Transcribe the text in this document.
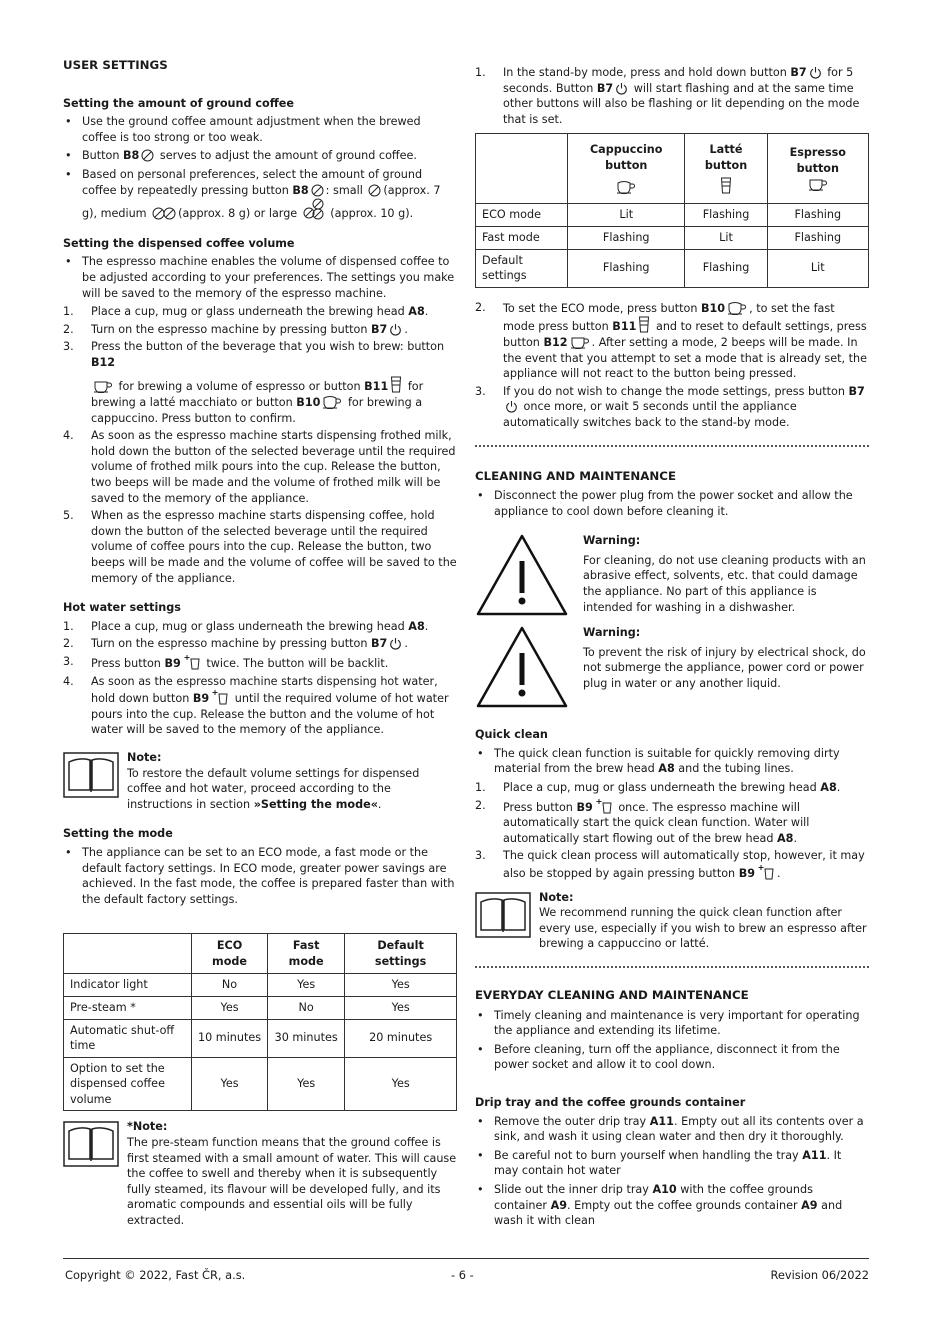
USER SETTINGS
Setting the amount of ground coffee
• Use the ground coffee amount adjustment when the brewed coffee is too strong or too weak.
• Button B8
serves to adjust the amount of ground coffee.
• Based on personal preferences, select the amount of ground coffee by repeatedly pressing button B8 : small
(approx. 7 g), medium	(approx. 8 g) or large
(approx. 10 g).
Setting the dispensed coffee volume
• The espresso machine enables the volume of dispensed coffee to be adjusted according to your preferences. The settings you make will be saved to the memory of the espresso machine.
1. Place a cup, mug or glass underneath the brewing head A8.
2. Turn on the espresso machine by pressing button B7 .
3. Press the button of the beverage that you wish to brew: button B12

for brewing a volume of espresso or button B11
for brewing a latté macchiato or button B10
for brewing a cappuccino. Press button to confirm.
4. As soon as the espresso machine starts dispensing frothed milk, hold down the button of the selected beverage until the required volume of frothed milk pours into the cup. Release the button, two beeps will be made and the volume of frothed milk will be saved to the memory of the appliance.
5. When as the espresso machine starts dispensing coffee, hold down the button of the selected beverage until the required volume of coffee pours into the cup. Release the button, two beeps will be made and the volume of coffee will be saved to the memory of the appliance.
Hot water settings
1. Place a cup, mug or glass underneath the brewing head A8.
2. Turn on the espresso machine by pressing button B7 .
3. Press button B9
twice. The button will be backlit.
4. As soon as the espresso machine starts dispensing hot water, hold down button B9
until the required volume of hot water pours into the cup. Release the button and the volume of hot water will be saved to the memory of the appliance.
Note:
To restore the default volume settings for dispensed coffee and hot water, proceed according to the instructions in section »Setting the mode«.
Setting the mode
• The appliance can be set to an ECO mode, a fast mode or the default factory settings. In ECO mode, greater power savings are achieved. In the fast mode, the coffee is prepared faster than with the default factory settings.
	ECO mode	Fast mode	Default settings
Indicator light	No	Yes	Yes
Pre-steam *	Yes	No	Yes
Automatic shut-off time	10 minutes	30 minutes	20 minutes
Option to set the dispensed coffee volume	Yes	Yes	Yes
*Note:
The pre-steam function means that the ground coffee is first steamed with a small amount of water. This will cause the coffee to swell and thereby when it is subsequently fully steamed, its flavour will be developed fully, and its aromatic compounds and essential oils will be fully extracted.
1. In the stand-by mode, press and hold down button B7
for 5 seconds. Button B7
will start flashing and at the same time other buttons will also be flashing or lit depending on the mode that is set.

	Cappuccino button	Latté button	Espresso button

ECO mode	Lit	Flashing	Flashing
Fast mode	Flashing	Lit	Flashing
Default settings	Flashing	Flashing	Lit
2. To set the ECO mode, press button B10 , to set the fast mode press button B11
and to reset to default settings, press button B12 . After setting a mode, 2 beeps will be made. In the event that you attempt to set a mode that is already set, the appliance will not react to the button being pressed.
3. If you do not wish to change the mode settings, press button B7

once more, or wait 5 seconds until the appliance automatically switches back to the stand-by mode.
CLEANING AND MAINTENANCE
• Disconnect the power plug from the power socket and allow the appliance to cool down before cleaning it.
Warning:
For cleaning, do not use cleaning products with an abrasive effect, solvents, etc. that could damage the appliance. No part of this appliance is intended for washing in a dishwasher.
Warning:
To prevent the risk of injury by electrical shock, do not submerge the appliance, power cord or power plug in water or any another liquid.
Quick clean
• The quick clean function is suitable for quickly removing dirty material from the brew head A8 and the tubing lines.
1. Place a cup, mug or glass underneath the brewing head A8.
2. Press button B9
once. The espresso machine will automatically start the quick clean function. Water will automatically start flowing out of the brew head A8.
3. The quick clean process will automatically stop, however, it may also be stopped by again pressing button B9 .
Note:
We recommend running the quick clean function after every use, especially if you wish to brew an espresso after brewing a cappuccino or latté.
EVERYDAY CLEANING AND MAINTENANCE
• Timely cleaning and maintenance is very important for operating the appliance and extending its lifetime.
• Before cleaning, turn off the appliance, disconnect it from the power socket and allow it to cool down.
Drip tray and the coffee grounds container
• Remove the outer drip tray A11. Empty out all its contents over a sink, and wash it using clean water and then dry it thoroughly.
• Be careful not to burn yourself when handling the tray A11. It may contain hot water
• Slide out the inner drip tray A10 with the coffee grounds container A9. Empty out the coffee grounds container A9 and wash it with clean
Copyright © 2022, Fast ČR, a.s.	- 6 -	Revision 06/2022
